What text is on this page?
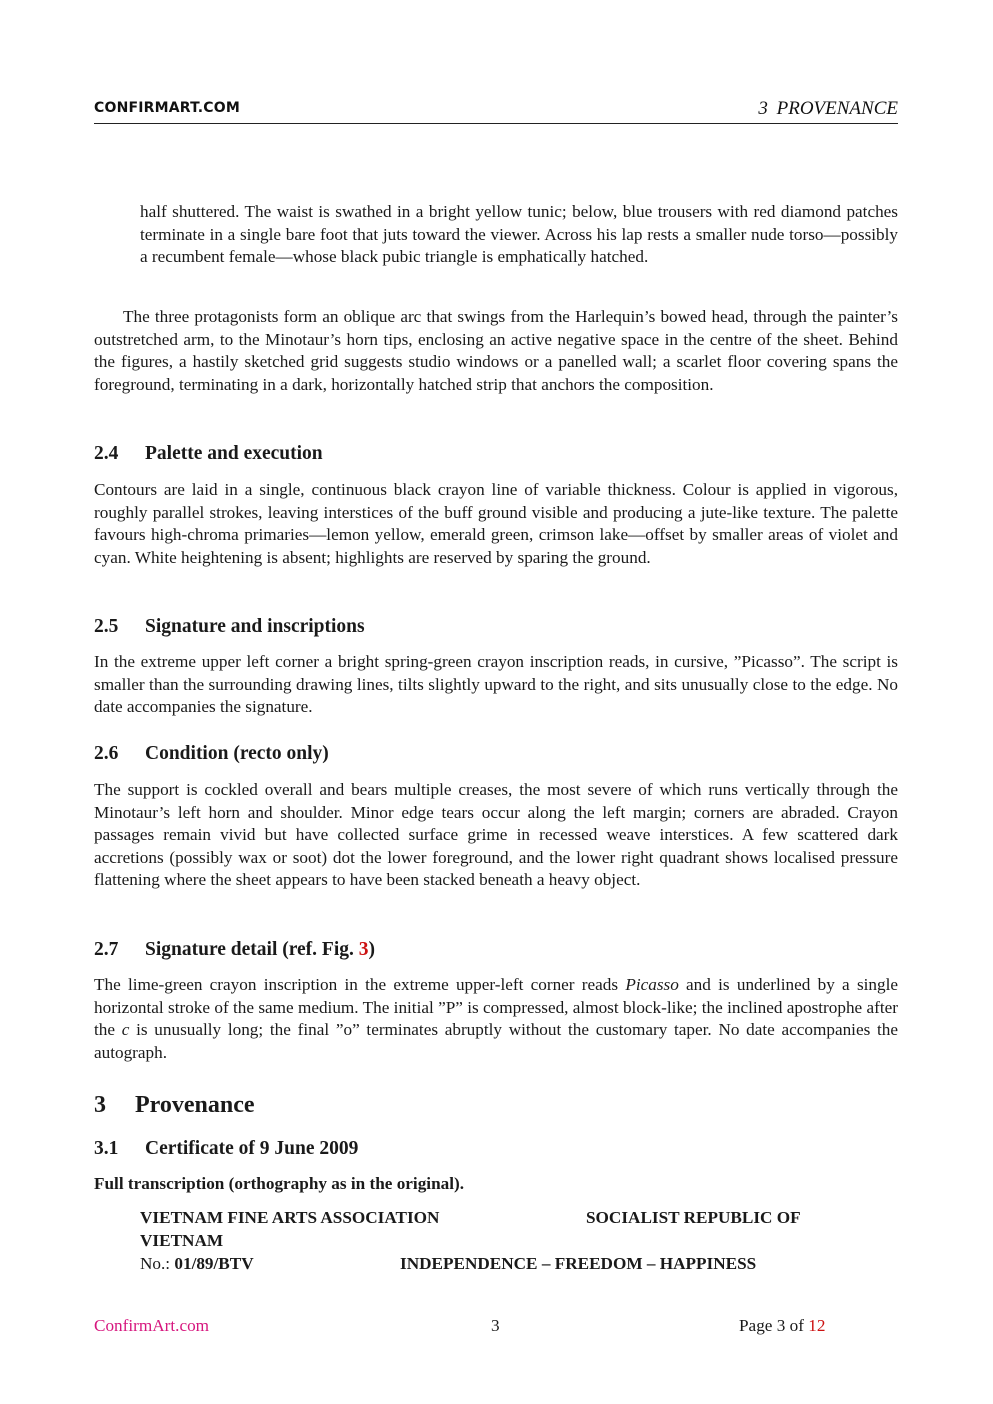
CONFIRMART.COM	3 PROVENANCE

half shuttered. The waist is swathed in a bright yellow tunic; below, blue trousers with red diamond patches terminate in a single bare foot that juts toward the viewer. Across his lap rests a smaller nude torso—possibly a recumbent female—whose black pubic triangle is emphatically hatched.

The three protagonists form an oblique arc that swings from the Harlequin’s bowed head, through the painter’s outstretched arm, to the Minotaur’s horn tips, enclosing an active negative space in the centre of the sheet. Behind the figures, a hastily sketched grid suggests studio windows or a panelled wall; a scarlet floor covering spans the foreground, terminating in a dark, horizontally hatched strip that anchors the composition.

2.4 Palette and execution

Contours are laid in a single, continuous black crayon line of variable thickness. Colour is applied in vigorous, roughly parallel strokes, leaving interstices of the buff ground visible and producing a jute-like texture. The palette favours high-chroma primaries—lemon yellow, emerald green, crimson lake—offset by smaller areas of violet and cyan. White heightening is absent; highlights are reserved by sparing the ground.

2.5 Signature and inscriptions

In the extreme upper left corner a bright spring-green crayon inscription reads, in cursive, ”Picasso”. The script is smaller than the surrounding drawing lines, tilts slightly upward to the right, and sits unusually close to the edge. No date accompanies the signature.

2.6 Condition (recto only)

The support is cockled overall and bears multiple creases, the most severe of which runs vertically through the Minotaur’s left horn and shoulder. Minor edge tears occur along the left margin; corners are abraded. Crayon passages remain vivid but have collected surface grime in recessed weave interstices. A few scattered dark accretions (possibly wax or soot) dot the lower foreground, and the lower right quadrant shows localised pressure flattening where the sheet appears to have been stacked beneath a heavy object.

2.7 Signature detail (ref. Fig. 3)

The lime-green crayon inscription in the extreme upper-left corner reads Picasso and is underlined by a single horizontal stroke of the same medium. The initial ”P” is compressed, almost block-like; the inclined apostrophe after the c is unusually long; the final ”o” terminates abruptly without the customary taper. No date accompanies the autograph.

3 Provenance
3.1 Certificate of 9 June 2009
Full transcription (orthography as in the original).
VIETNAM FINE ARTS ASSOCIATION	SOCIALIST REPUBLIC OF
VIETNAM
No.: 01/89/BTV	INDEPENDENCE – FREEDOM – HAPPINESS
ConfirmArt.com	3	Page 3 of 12
